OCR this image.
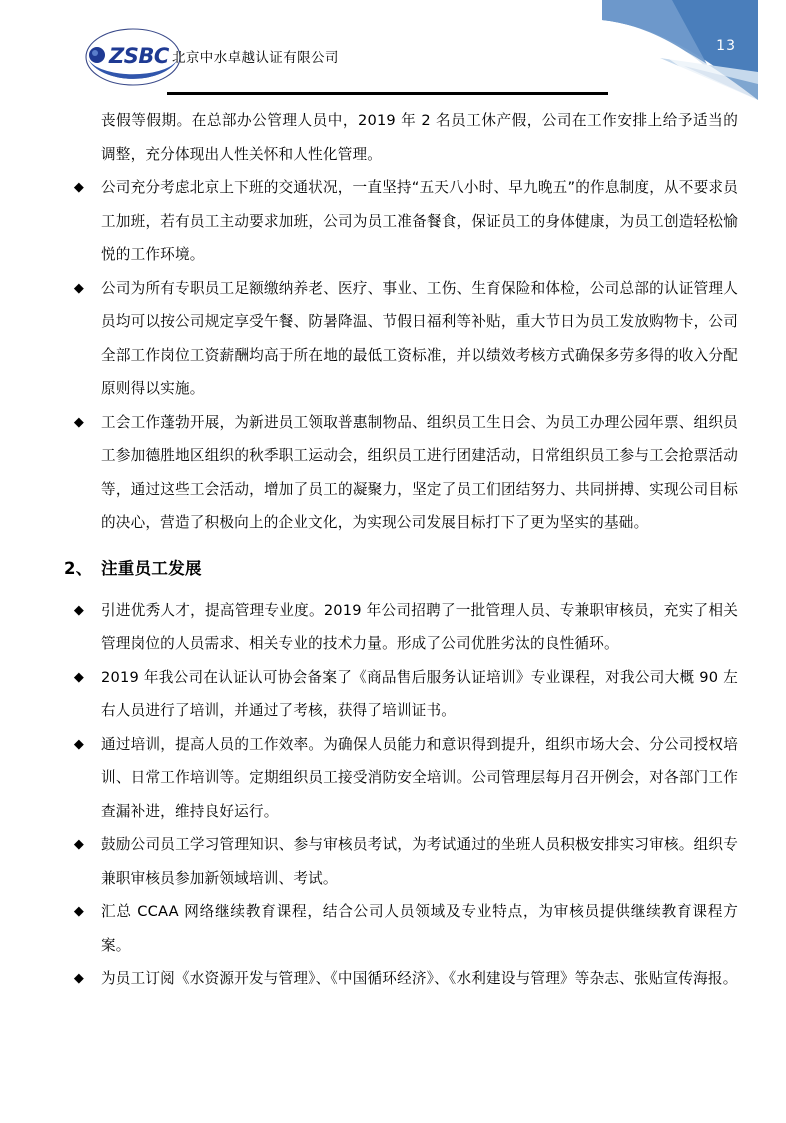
ZSBC 北京中水卓越认证有限公司
13

丧假等假期。在总部办公管理人员中，2019 年 2 名员工休产假，公司在工作安排上给予适当的调整，充分体现出人性关怀和人性化管理。

◆ 公司充分考虑北京上下班的交通状况，一直坚持“五天八小时、早九晚五”的作息制度，从不要求员工加班，若有员工主动要求加班，公司为员工准备餐食，保证员工的身体健康，为员工创造轻松愉悦的工作环境。

◆ 公司为所有专职员工足额缴纳养老、医疗、事业、工伤、生育保险和体检，公司总部的认证管理人员均可以按公司规定享受午餐、防暑降温、节假日福利等补贴，重大节日为员工发放购物卡，公司全部工作岗位工资薪酬均高于所在地的最低工资标准，并以绩效考核方式确保多劳多得的收入分配原则得以实施。

◆ 工会工作蓬勃开展，为新进员工领取普惠制物品、组织员工生日会、为员工办理公园年票、组织员工参加德胜地区组织的秋季职工运动会，组织员工进行团建活动，日常组织员工参与工会抢票活动等，通过这些工会活动，增加了员工的凝聚力，坚定了员工们团结努力、共同拼搏、实现公司目标的决心，营造了积极向上的企业文化，为实现公司发展目标打下了更为坚实的基础。

2、 注重员工发展

◆ 引进优秀人才，提高管理专业度。2019 年公司招聘了一批管理人员、专兼职审核员，充实了相关管理岗位的人员需求、相关专业的技术力量。形成了公司优胜劣汰的良性循环。

◆ 2019 年我公司在认证认可协会备案了《商品售后服务认证培训》专业课程，对我公司大概 90 左右人员进行了培训，并通过了考核，获得了培训证书。

◆ 通过培训，提高人员的工作效率。为确保人员能力和意识得到提升，组织市场大会、分公司授权培训、日常工作培训等。定期组织员工接受消防安全培训。公司管理层每月召开例会，对各部门工作查漏补进，维持良好运行。

◆ 鼓励公司员工学习管理知识、参与审核员考试，为考试通过的坐班人员积极安排实习审核。组织专兼职审核员参加新领域培训、考试。

◆ 汇总 CCAA 网络继续教育课程，结合公司人员领域及专业特点，为审核员提供继续教育课程方案。

◆ 为员工订阅《水资源开发与管理》、《中国循环经济》、《水利建设与管理》等杂志、张贴宣传海报。
